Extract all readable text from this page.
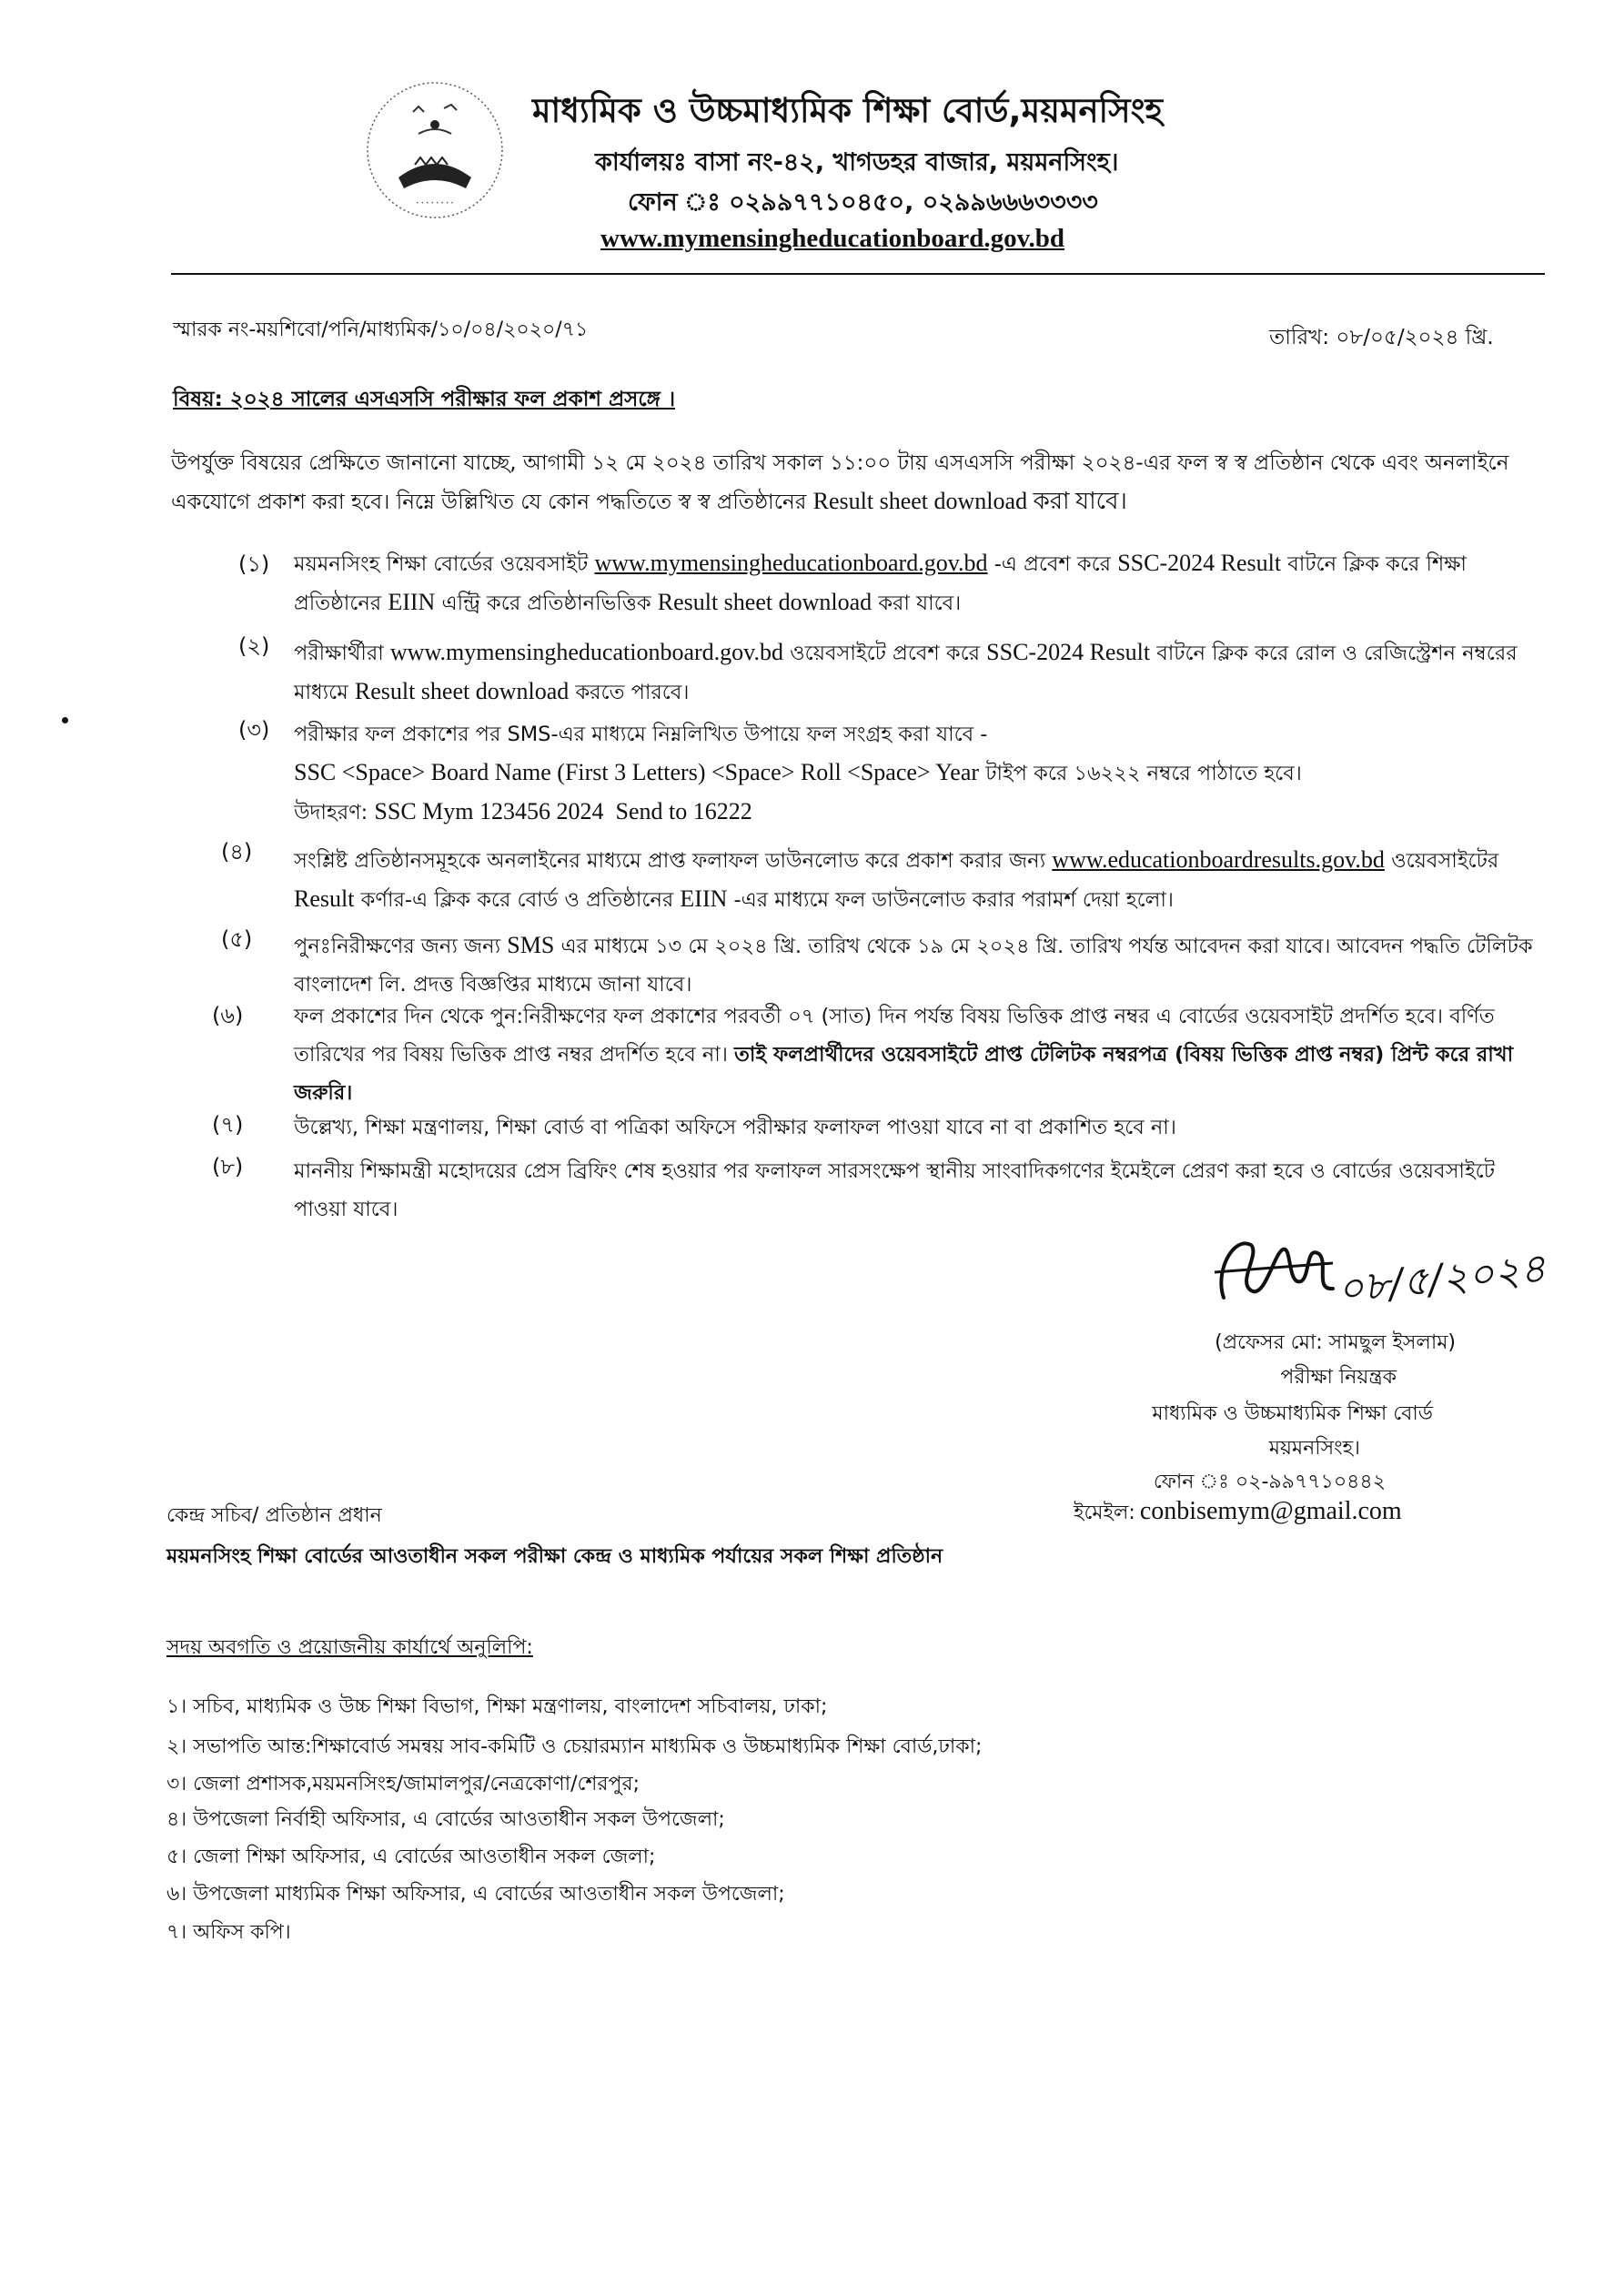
• • • • • • • •
মাধ্যমিক ও উচ্চমাধ্যমিক শিক্ষা বোর্ড,ময়মনসিংহ
কার্যালয়ঃ বাসা নং-৪২, খাগডহর বাজার, ময়মনসিংহ।
ফোন ঃ ০২৯৯৭৭১০৪৫০, ০২৯৯৬৬৬৩৩৩৩
www.mymensingheducationboard.gov.bd
স্মারক নং-ময়শিবো/পনি/মাধ্যমিক/১০/০৪/২০২০/৭১	তারিখ: ০৮/০৫/২০২৪ খ্রি.
বিষয়: ২০২৪ সালের এসএসসি পরীক্ষার ফল প্রকাশ প্রসঙ্গে ।
উপর্যুক্ত বিষয়ের প্রেক্ষিতে জানানো যাচ্ছে, আগামী ১২ মে ২০২৪ তারিখ সকাল ১১:০০ টায় এসএসসি পরীক্ষা ২০২৪-এর ফল স্ব স্ব প্রতিষ্ঠান থেকে এবং অনলাইনে একযোগে প্রকাশ করা হবে। নিম্নে উল্লিখিত যে কোন পদ্ধতিতে স্ব স্ব প্রতিষ্ঠানের Result sheet download করা যাবে।
(১) ময়মনসিংহ শিক্ষা বোর্ডের ওয়েবসাইট www.mymensingheducationboard.gov.bd -এ প্রবেশ করে SSC-2024 Result বাটনে ক্লিক করে শিক্ষা প্রতিষ্ঠানের EIIN এন্ট্রি করে প্রতিষ্ঠানভিত্তিক Result sheet download করা যাবে।
(২) পরীক্ষার্থীরা www.mymensingheducationboard.gov.bd ওয়েবসাইটে প্রবেশ করে SSC-2024 Result বাটনে ক্লিক করে রোল ও রেজিস্ট্রেশন নম্বরের মাধ্যমে Result sheet download করতে পারবে।
(৩) পরীক্ষার ফল প্রকাশের পর SMS-এর মাধ্যমে নিম্নলিখিত উপায়ে ফল সংগ্রহ করা যাবে -
SSC <Space> Board Name (First 3 Letters) <Space> Roll <Space> Year টাইপ করে ১৬২২২ নম্বরে পাঠাতে হবে।
উদাহরণ: SSC Mym 123456 2024  Send to 16222
(৪) সংশ্লিষ্ট প্রতিষ্ঠানসমূহকে অনলাইনের মাধ্যমে প্রাপ্ত ফলাফল ডাউনলোড করে প্রকাশ করার জন্য www.educationboardresults.gov.bd ওয়েবসাইটের Result কর্ণার-এ ক্লিক করে বোর্ড ও প্রতিষ্ঠানের EIIN -এর মাধ্যমে ফল ডাউনলোড করার পরামর্শ দেয়া হলো।
(৫) পুনঃনিরীক্ষণের জন্য জন্য SMS এর মাধ্যমে ১৩ মে ২০২৪ খ্রি. তারিখ থেকে ১৯ মে ২০২৪ খ্রি. তারিখ পর্যন্ত আবেদন করা যাবে। আবেদন পদ্ধতি টেলিটক বাংলাদেশ লি. প্রদত্ত বিজ্ঞপ্তির মাধ্যমে জানা যাবে।
(৬) ফল প্রকাশের দিন থেকে পুন:নিরীক্ষণের ফল প্রকাশের পরবর্তী ০৭ (সাত) দিন পর্যন্ত বিষয় ভিত্তিক প্রাপ্ত নম্বর এ বোর্ডের ওয়েবসাইট প্রদর্শিত হবে। বর্ণিত তারিখের পর বিষয় ভিত্তিক প্রাপ্ত নম্বর প্রদর্শিত হবে না। তাই ফলপ্রার্থীদের ওয়েবসাইটে প্রাপ্ত টেলিটক নম্বরপত্র (বিষয় ভিত্তিক প্রাপ্ত নম্বর) প্রিন্ট করে রাখা জরুরি।
(৭) উল্লেখ্য, শিক্ষা মন্ত্রণালয়, শিক্ষা বোর্ড বা পত্রিকা অফিসে পরীক্ষার ফলাফল পাওয়া যাবে না বা প্রকাশিত হবে না।
(৮) মাননীয় শিক্ষামন্ত্রী মহোদয়ের প্রেস ব্রিফিং শেষ হওয়ার পর ফলাফল সারসংক্ষেপ স্থানীয় সাংবাদিকগণের ইমেইলে প্রেরণ করা হবে ও বোর্ডের ওয়েবসাইটে পাওয়া যাবে।
০৮/৫/২০২৪
(প্রফেসর মো: সামছুল ইসলাম)
পরীক্ষা নিয়ন্ত্রক
মাধ্যমিক ও উচ্চমাধ্যমিক শিক্ষা বোর্ড
ময়মনসিংহ।
ফোন ঃ ০২-৯৯৭৭১০৪৪২
ইমেইল: conbisemym@gmail.com
কেন্দ্র সচিব/ প্রতিষ্ঠান প্রধান
ময়মনসিংহ শিক্ষা বোর্ডের আওতাধীন সকল পরীক্ষা কেন্দ্র ও মাধ্যমিক পর্যায়ের সকল শিক্ষা প্রতিষ্ঠান
সদয় অবগতি ও প্রয়োজনীয় কার্যার্থে অনুলিপি:
১। সচিব, মাধ্যমিক ও উচ্চ শিক্ষা বিভাগ, শিক্ষা মন্ত্রণালয়, বাংলাদেশ সচিবালয়, ঢাকা;
২। সভাপতি আন্ত:শিক্ষাবোর্ড সমন্বয় সাব-কমিটি ও চেয়ারম্যান মাধ্যমিক ও উচ্চমাধ্যমিক শিক্ষা বোর্ড,ঢাকা;
৩। জেলা প্রশাসক,ময়মনসিংহ/জামালপুর/নেত্রকোণা/শেরপুর;
৪। উপজেলা নির্বাহী অফিসার, এ বোর্ডের আওতাধীন সকল উপজেলা;
৫। জেলা শিক্ষা অফিসার, এ বোর্ডের আওতাধীন সকল জেলা;
৬। উপজেলা মাধ্যমিক শিক্ষা অফিসার, এ বোর্ডের আওতাধীন সকল উপজেলা;
৭। অফিস কপি।
